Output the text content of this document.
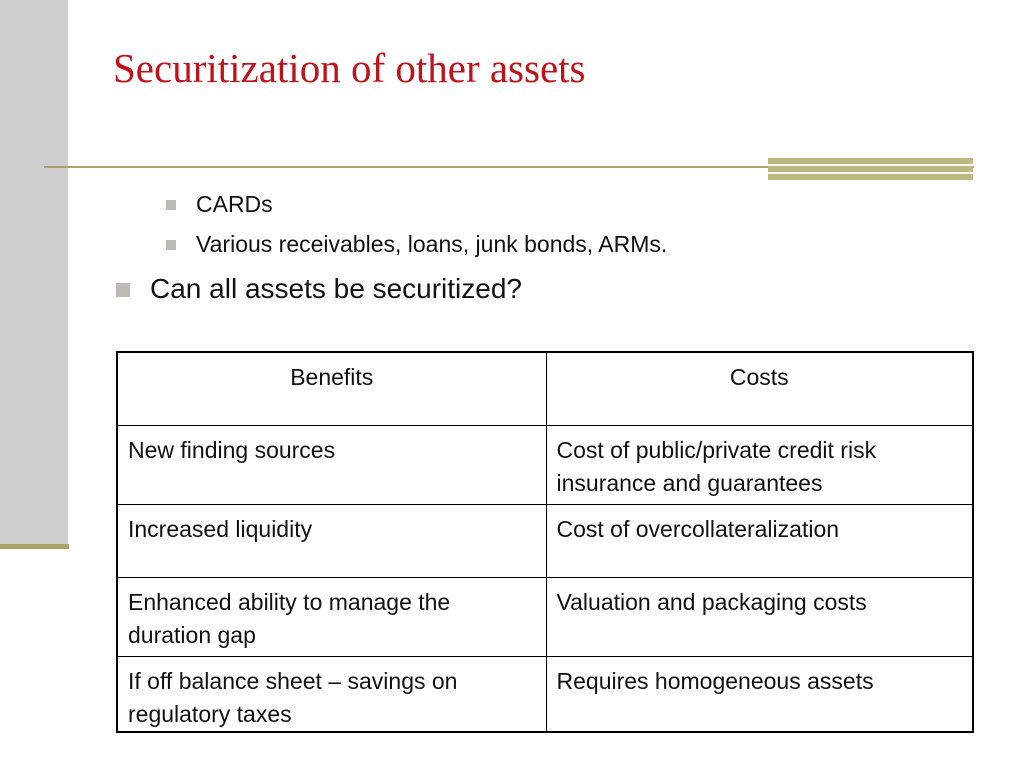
Securitization of other assets
CARDs
Various receivables, loans, junk bonds, ARMs.
Can all assets be securitized?
Benefits	Costs
New finding sources	Cost of public/private credit risk insurance and guarantees
Increased liquidity	Cost of overcollateralization
Enhanced ability to manage the duration gap	Valuation and packaging costs
If off balance sheet – savings on regulatory taxes	Requires homogeneous assets
